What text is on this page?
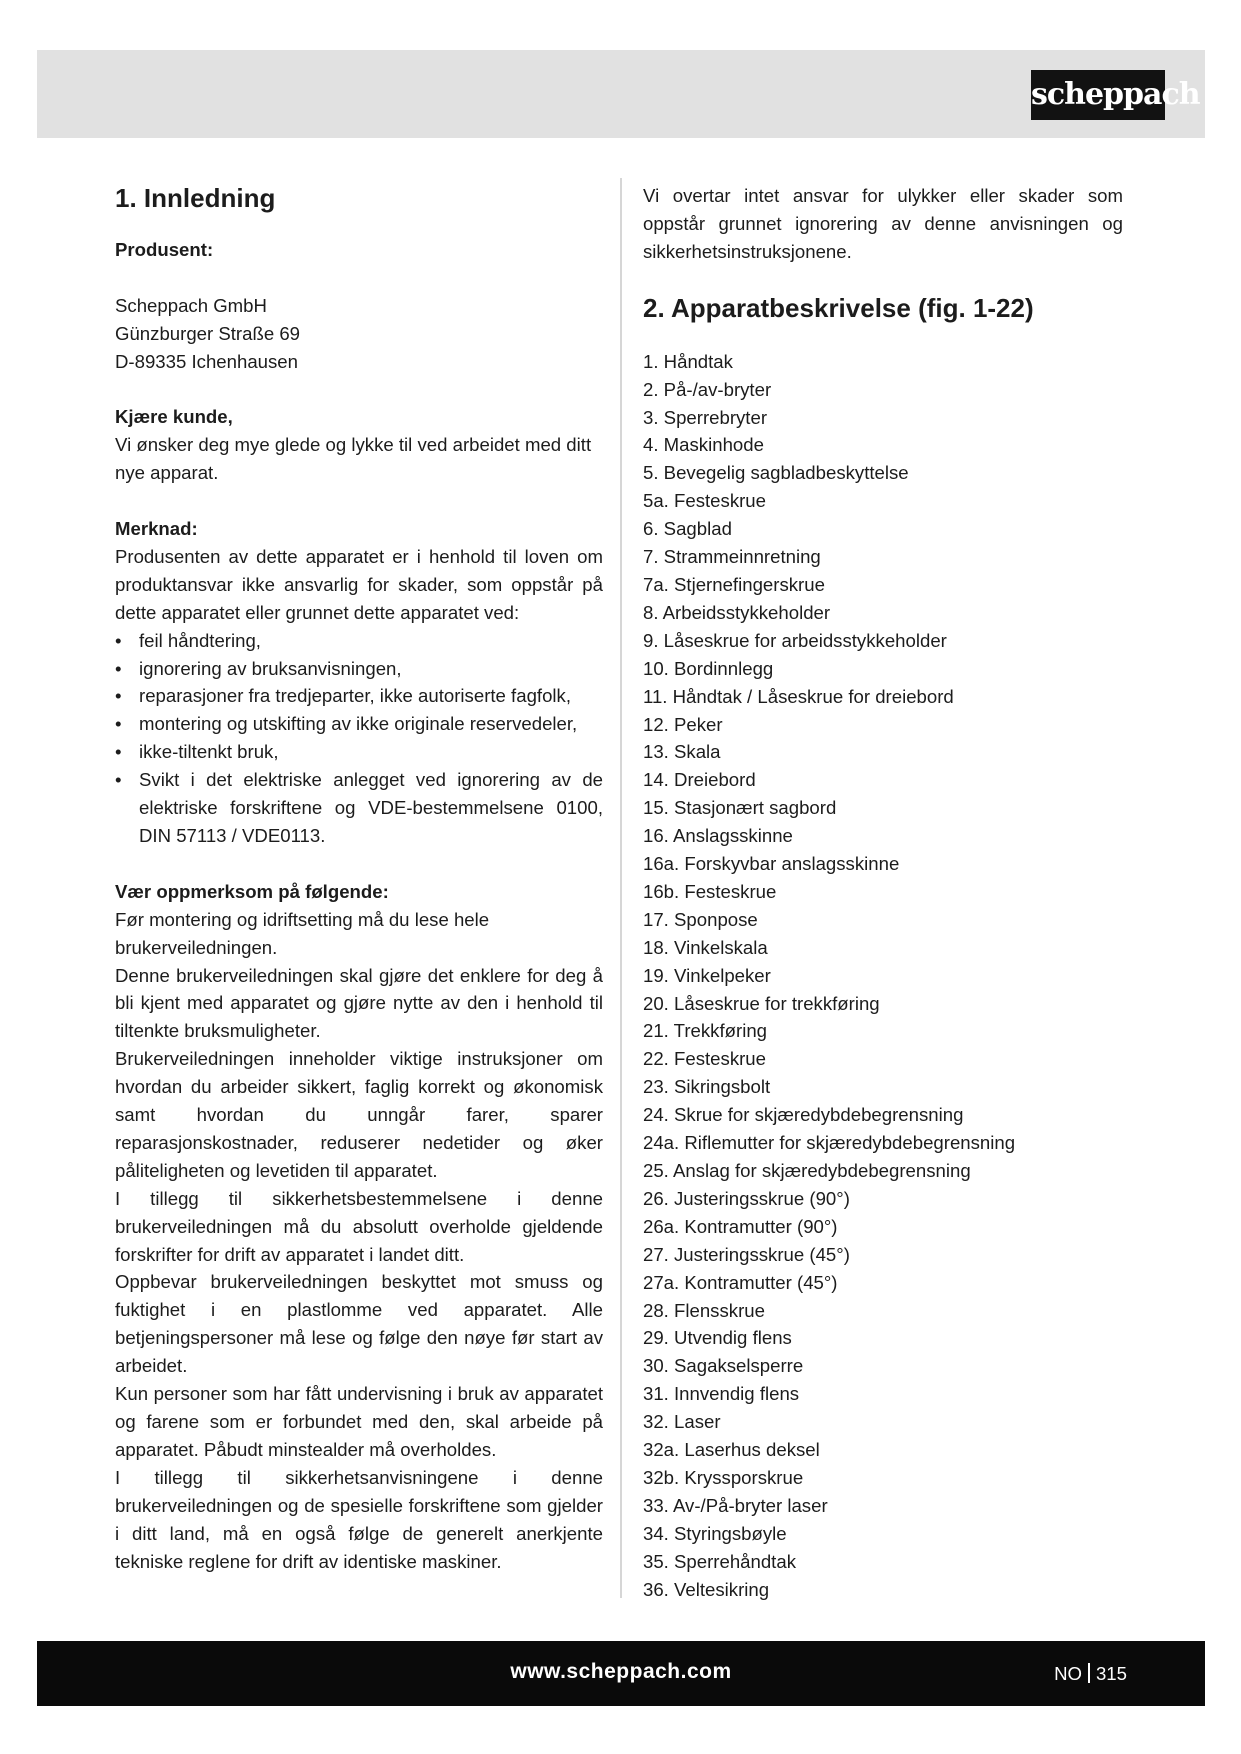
scheppach
1. Innledning

Produsent:

Scheppach GmbH

Günzburger Straße 69

D-89335 Ichenhausen

Kjære kunde,

Vi ønsker deg mye glede og lykke til ved arbeidet med ditt nye apparat.

Merknad:

Produsenten av dette apparatet er i henhold til loven om produktansvar ikke ansvarlig for skader, som oppstår på dette apparatet eller grunnet dette apparatet ved:

• feil håndtering,
• ignorering av bruksanvisningen,
• reparasjoner fra tredjeparter, ikke autoriserte fagfolk,
• montering og utskifting av ikke originale reservedeler,
• ikke-tiltenkt bruk,
• Svikt i det elektriske anlegget ved ignorering av de elektriske forskriftene og VDE-bestemmelsene 0100, DIN 57113 / VDE0113.

Vær oppmerksom på følgende:

Før montering og idriftsetting må du lese hele brukerveiledningen.

Denne brukerveiledningen skal gjøre det enklere for deg å bli kjent med apparatet og gjøre nytte av den i henhold til tiltenkte bruksmuligheter.

Brukerveiledningen inneholder viktige instruksjoner om hvordan du arbeider sikkert, faglig korrekt og økonomisk samt hvordan du unngår farer, sparer reparasjonskostnader, reduserer nedetider og øker påliteligheten og levetiden til apparatet.

I tillegg til sikkerhetsbestemmelsene i denne brukerveiledningen må du absolutt overholde gjeldende forskrifter for drift av apparatet i landet ditt.

Oppbevar brukerveiledningen beskyttet mot smuss og fuktighet i en plastlomme ved apparatet. Alle betjeningspersoner må lese og følge den nøye før start av arbeidet.

Kun personer som har fått undervisning i bruk av apparatet og farene som er forbundet med den, skal arbeide på apparatet. Påbudt minstealder må overholdes.

I tillegg til sikkerhetsanvisningene i denne brukerveiledningen og de spesielle forskriftene som gjelder i ditt land, må en også følge de generelt anerkjente tekniske reglene for drift av identiske maskiner.

Vi overtar intet ansvar for ulykker eller skader som oppstår grunnet ignorering av denne anvisningen og sikkerhetsinstruksjonene.

2. Apparatbeskrivelse (fig. 1-22)
1. Håndtak
2. På-/av-bryter
3. Sperrebryter
4. Maskinhode
5. Bevegelig sagbladbeskyttelse
5a. Festeskrue
6. Sagblad
7. Strammeinnretning
7a. Stjernefingerskrue
8. Arbeidsstykkeholder
9. Låseskrue for arbeidsstykkeholder
10. Bordinnlegg
11. Håndtak / Låseskrue for dreiebord
12. Peker
13. Skala
14. Dreiebord
15. Stasjonært sagbord
16. Anslagsskinne
16a. Forskyvbar anslagsskinne
16b. Festeskrue
17. Sponpose
18. Vinkelskala
19. Vinkelpeker
20. Låseskrue for trekkføring
21. Trekkføring
22. Festeskrue
23. Sikringsbolt
24. Skrue for skjæredybdebegrensning
24a. Riflemutter for skjæredybdebegrensning
25. Anslag for skjæredybdebegrensning
26. Justeringsskrue (90°)
26a. Kontramutter (90°)
27. Justeringsskrue (45°)
27a. Kontramutter (45°)
28. Flensskrue
29. Utvendig flens
30. Sagakselsperre
31. Innvendig flens
32. Laser
32a. Laserhus deksel
32b. Kryssporskrue
33. Av-/På-bryter laser
34. Styringsbøyle
35. Sperrehåndtak
36. Veltesikring
www.scheppach.com	NO 315
